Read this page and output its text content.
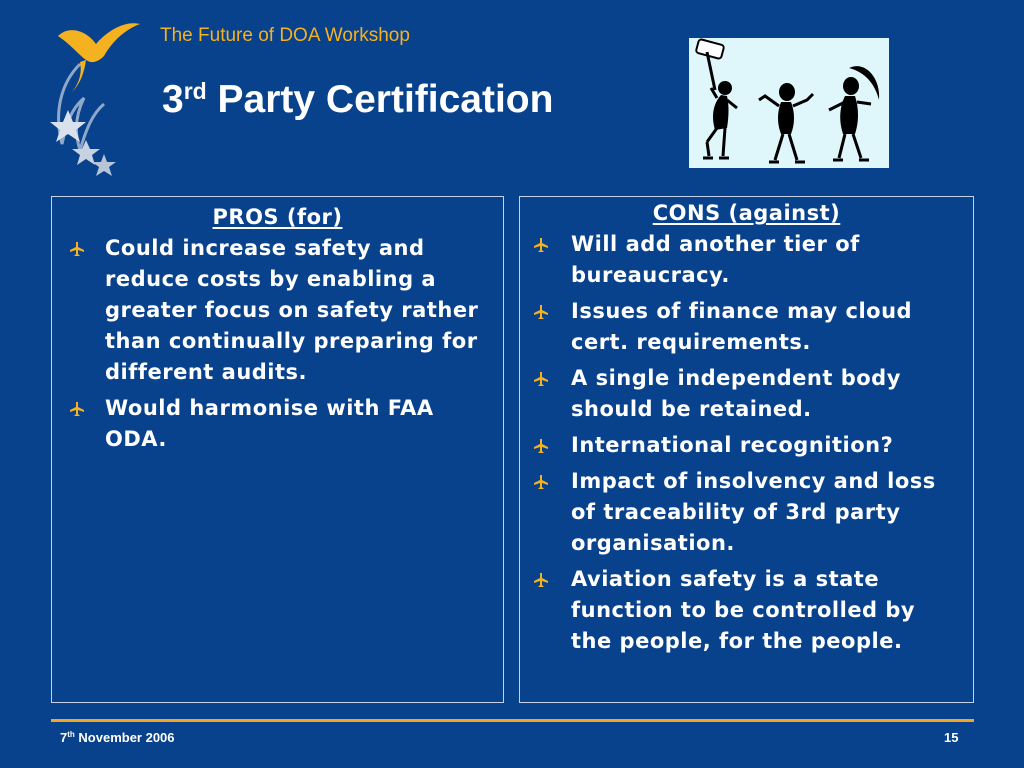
The Future of DOA Workshop
3rd Party Certification
PROS (for)
Could increase safety and reduce costs by enabling a greater focus on safety rather than continually preparing for different audits.
Would harmonise with FAA ODA.
CONS (against)
Will add another tier of bureaucracy.
Issues of finance may cloud cert. requirements.
A single independent body should be retained.
International recognition?
Impact of insolvency and loss of traceability of 3rd party organisation.
Aviation safety is a state function to be controlled by the people, for the people.
7th November 2006	15
